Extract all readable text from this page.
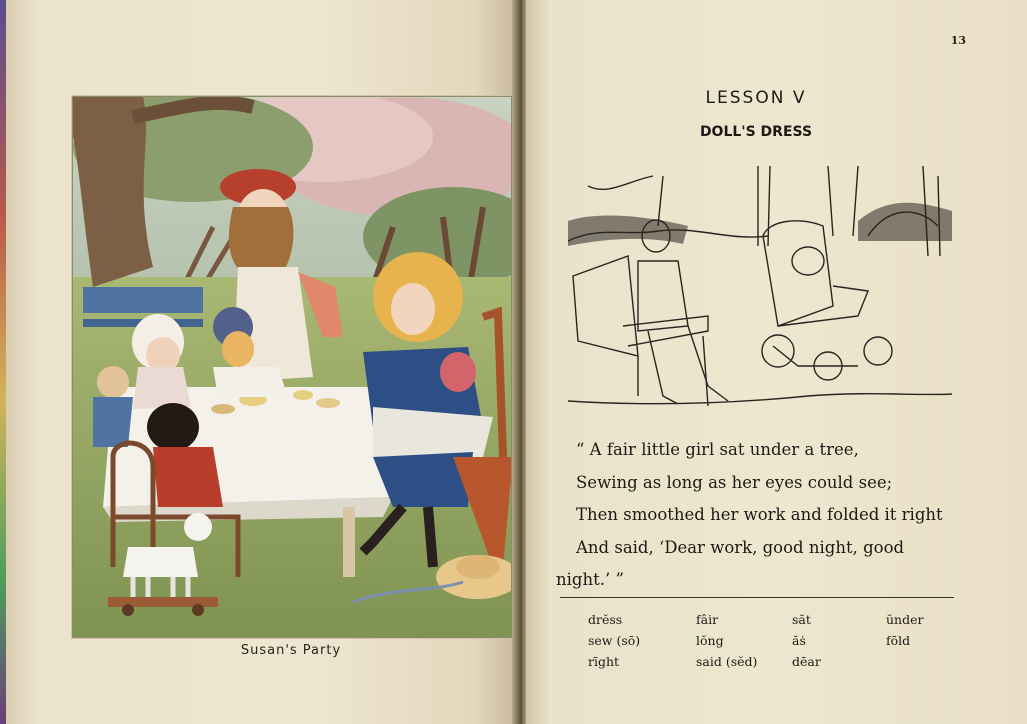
Susan's Party
13
LESSON V
DOLL'S DRESS
“ A fair little girl sat under a tree,
Sewing as long as her eyes could see;
Then smoothed her work and folded it right
And said, ‘Dear work, good night, good
night.’ ”
drĕss	fâir	săt	ŭnder
sew (sō)	lŏng	ăṡ	fōld
rīght	said (sĕd)	dēar
